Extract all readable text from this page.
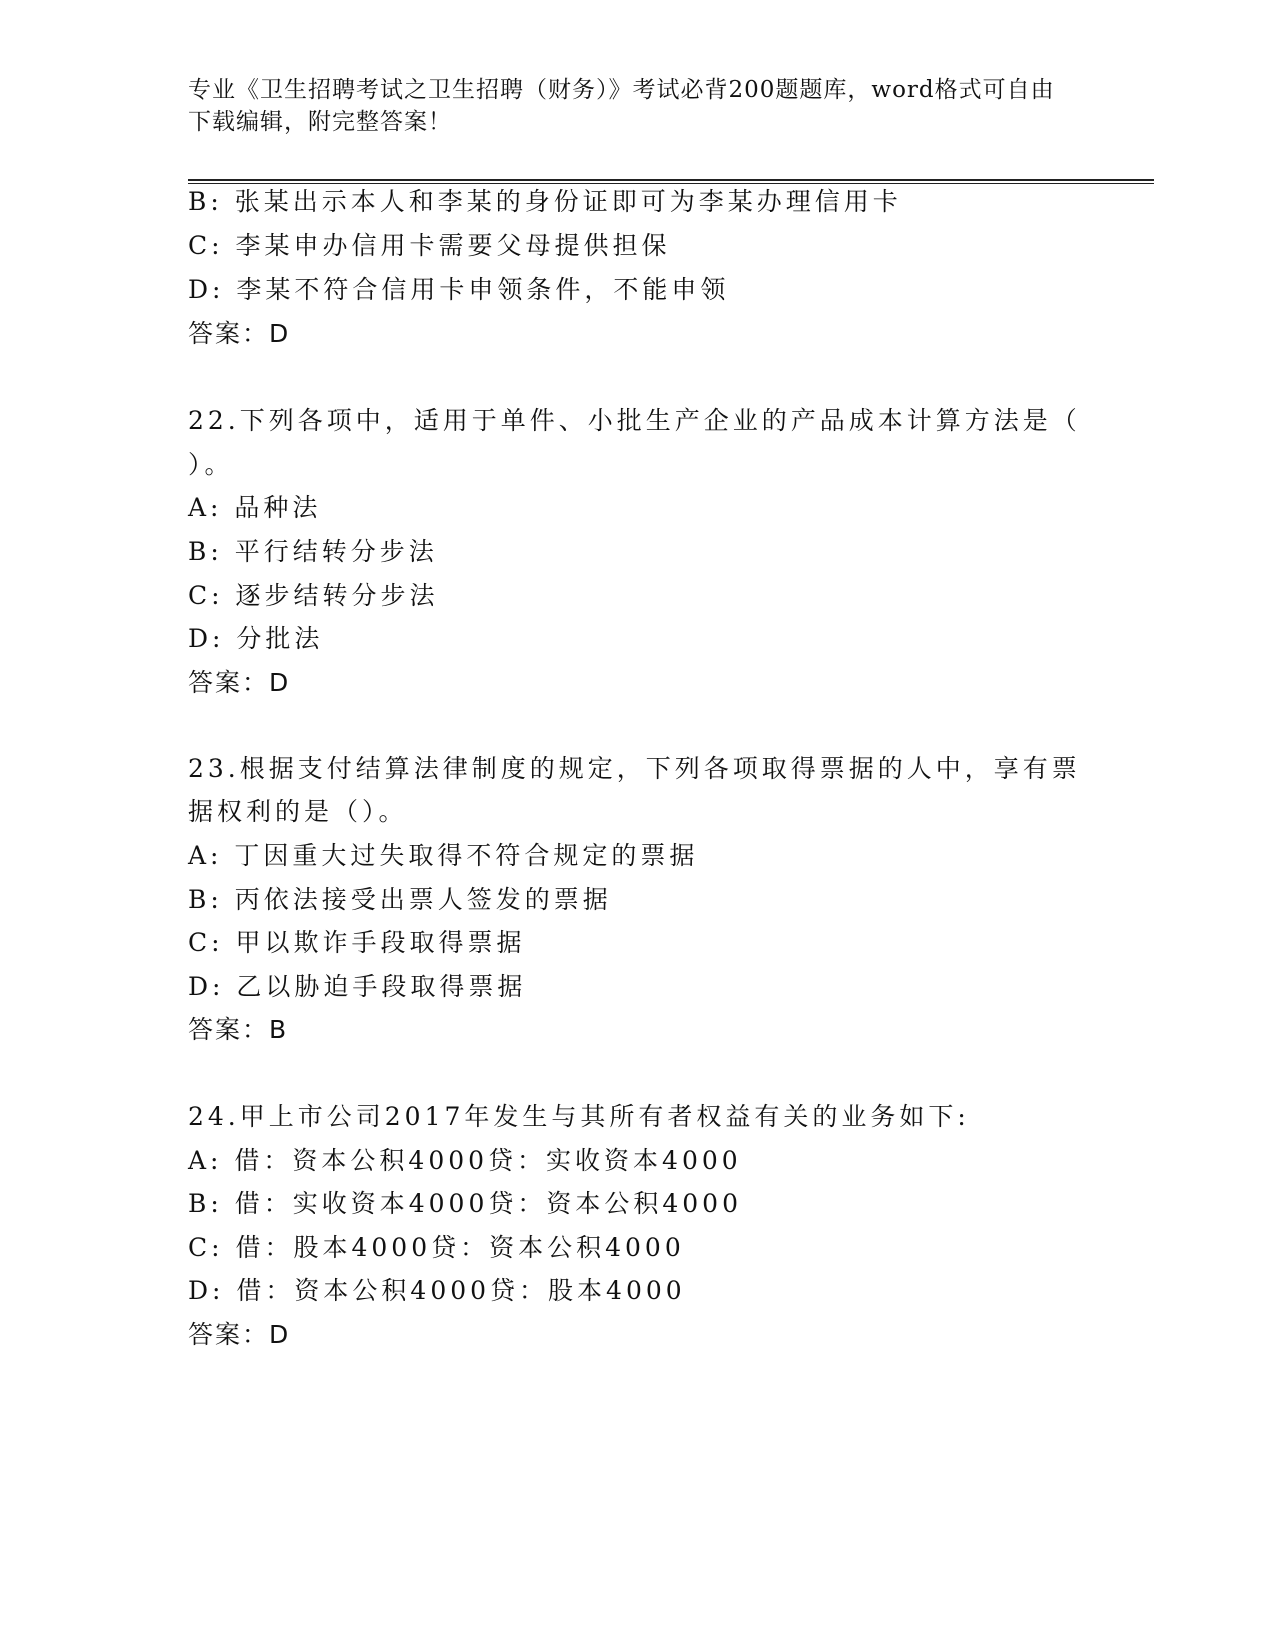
专业《卫生招聘考试之卫生招聘（财务）》考试必背200题题库，word格式可自由下载编辑，附完整答案！
B: 张某出示本人和李某的身份证即可为李某办理信用卡
C: 李某申办信用卡需要父母提供担保
D: 李某不符合信用卡申领条件，不能申领
答案：D
22.下列各项中，适用于单件、小批生产企业的产品成本计算方法是（
）。
A: 品种法
B: 平行结转分步法
C: 逐步结转分步法
D: 分批法
答案：D
23.根据支付结算法律制度的规定，下列各项取得票据的人中，享有票
据权利的是（）。
A: 丁因重大过失取得不符合规定的票据
B: 丙依法接受出票人签发的票据
C: 甲以欺诈手段取得票据
D: 乙以胁迫手段取得票据
答案：B
24.甲上市公司2017年发生与其所有者权益有关的业务如下:
A: 借：资本公积4000贷：实收资本4000
B: 借：实收资本4000贷：资本公积4000
C: 借：股本4000贷：资本公积4000
D: 借：资本公积4000贷：股本4000
答案：D
